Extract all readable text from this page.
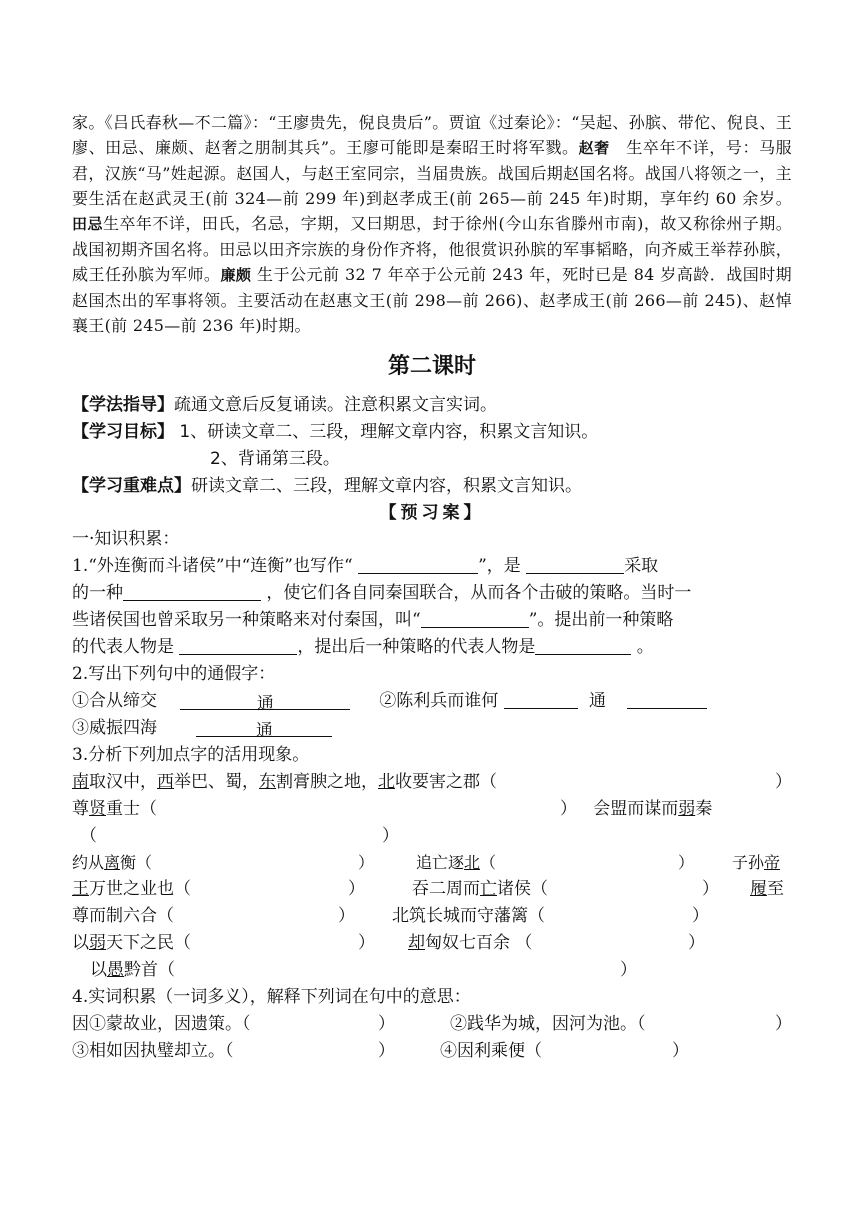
家。《吕氏春秋—不二篇》：“王廖贵先，倪良贵后”。贾谊《过秦论》：“吴起、孙膑、带佗、倪良、王廖、田忌、廉颇、赵奢之朋制其兵”。王廖可能即是秦昭王时将军戮。赵奢　生卒年不详，号：马服君，汉族“马”姓起源。赵国人，与赵王室同宗，当届贵族。战国后期赵国名将。战国八将领之一，主要生活在赵武灵王(前 324—前 299 年)到赵孝成王(前 265—前 245 年)时期，享年约 60 余岁。田忌生卒年不详，田氏，名忌，字期，又曰期思，封于徐州(今山东省滕州市南)，故又称徐州子期。战国初期齐国名将。田忌以田齐宗族的身份作齐将，他很赏识孙膑的军事韬略，向齐威王举荐孙膑，威王任孙膑为军师。廉颇 生于公元前 32 7 年卒于公元前 243 年，死时已是 84 岁高龄．战国时期赵国杰出的军事将领。主要活动在赵惠文王(前 298—前 266)、赵孝成王(前 266—前 245)、赵悼襄王(前 245—前 236 年)时期。
第二课时
【学法指导】疏通文意后反复诵读。注意积累文言实词。
【学习目标】 1、研读文章二、三段，理解文章内容，积累文言知识。
2、背诵第三段。
【学习重难点】研读文章二、三段，理解文章内容，积累文言知识。
【预习案】
一·知识积累：
1.“外连衡而斗诸侯”中“连衡”也写作“	”，是	采取
的一种	，使它们各自同秦国联合，从而各个击破的策略。当时一
些诸侯国也曾采取另一种策略来对付秦国，叫“	”。提出前一种策略
的代表人物是	，提出后一种策略的代表人物是	。
2.写出下列句中的通假字：
①合从缔交	通	②陈利兵而谁何	通
③威振四海	通
3.分析下列加点字的活用现象。
南取汉中，西举巴、蜀，东割膏腴之地，北收要害之郡（	）
尊贤重士（	） 会盟而谋而弱秦
（	）
约从离衡（	）	追亡逐北（	） 子孙帝
王万世之业也（	）	吞二周而亡诸侯（	） 履至
尊而制六合（	） 北筑长城而守藩篱（	）
以弱天下之民（	） 却匈奴七百余 （	）
以愚黔首（	）
4.实词积累（一词多义），解释下列词在句中的意思：
因①蒙故业，因遗策。（	）	②践华为城，因河为池。（	）
③相如因执璧却立。（	）	④因利乘便（	）
